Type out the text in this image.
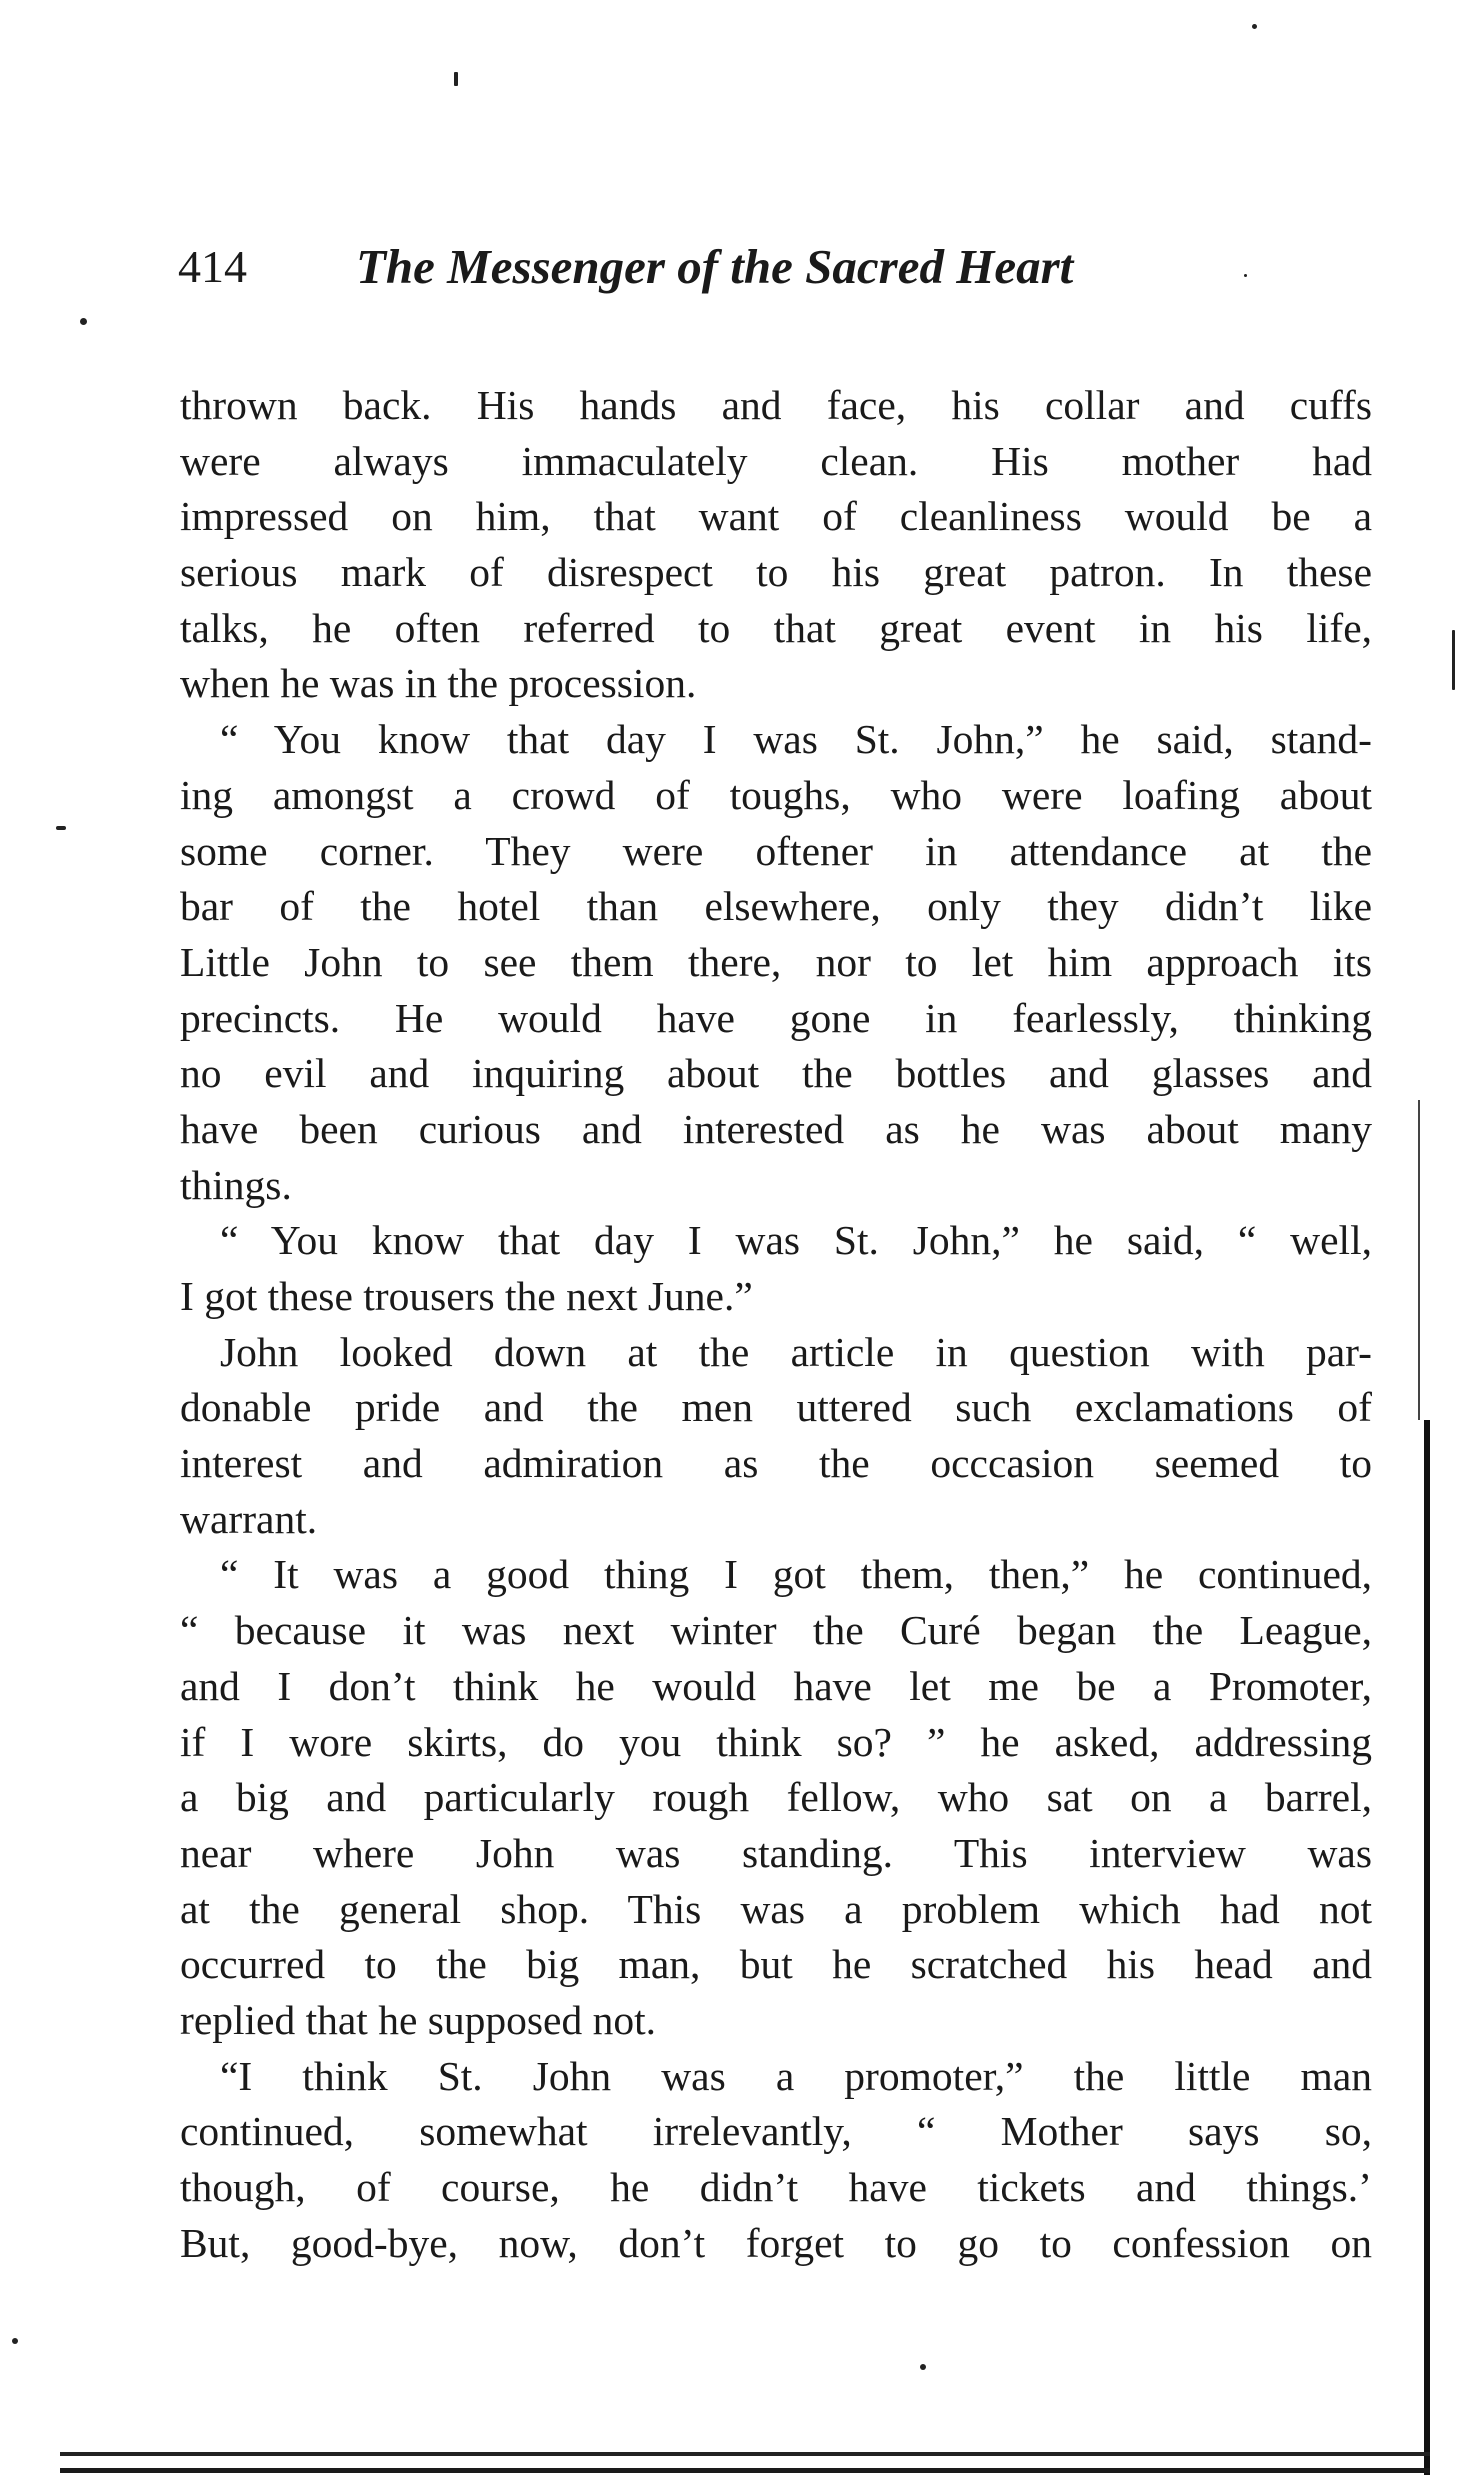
414 The Messenger of the Sacred Heart
thrown back. His hands and face, his collar and cuffs
were always immaculately clean. His mother had
impressed on him, that want of cleanliness would be a
serious mark of disrespect to his great patron. In these
talks, he often referred to that great event in his life,
when he was in the procession.
“ You know that day I was St. John,” he said, stand-
ing amongst a crowd of toughs, who were loafing about
some corner. They were oftener in attendance at the
bar of the hotel than elsewhere, only they didn’t like
Little John to see them there, nor to let him approach its
precincts. He would have gone in fearlessly, thinking
no evil and inquiring about the bottles and glasses and
have been curious and interested as he was about many
things.
“ You know that day I was St. John,” he said, “ well,
I got these trousers the next June.”
John looked down at the article in question with par-
donable pride and the men uttered such exclamations of
interest and admiration as the occcasion seemed to
warrant.
“ It was a good thing I got them, then,” he continued,
“ because it was next winter the Curé began the League,
and I don’t think he would have let me be a Promoter,
if I wore skirts, do you think so? ” he asked, addressing
a big and particularly rough fellow, who sat on a barrel,
near where John was standing. This interview was
at the general shop. This was a problem which had not
occurred to the big man, but he scratched his head and
replied that he supposed not.
“I think St. John was a promoter,” the little man
continued, somewhat irrelevantly, “ Mother says so,
though, of course, he didn’t have tickets and things.’
But, good-bye, now, don’t forget to go to confession on
